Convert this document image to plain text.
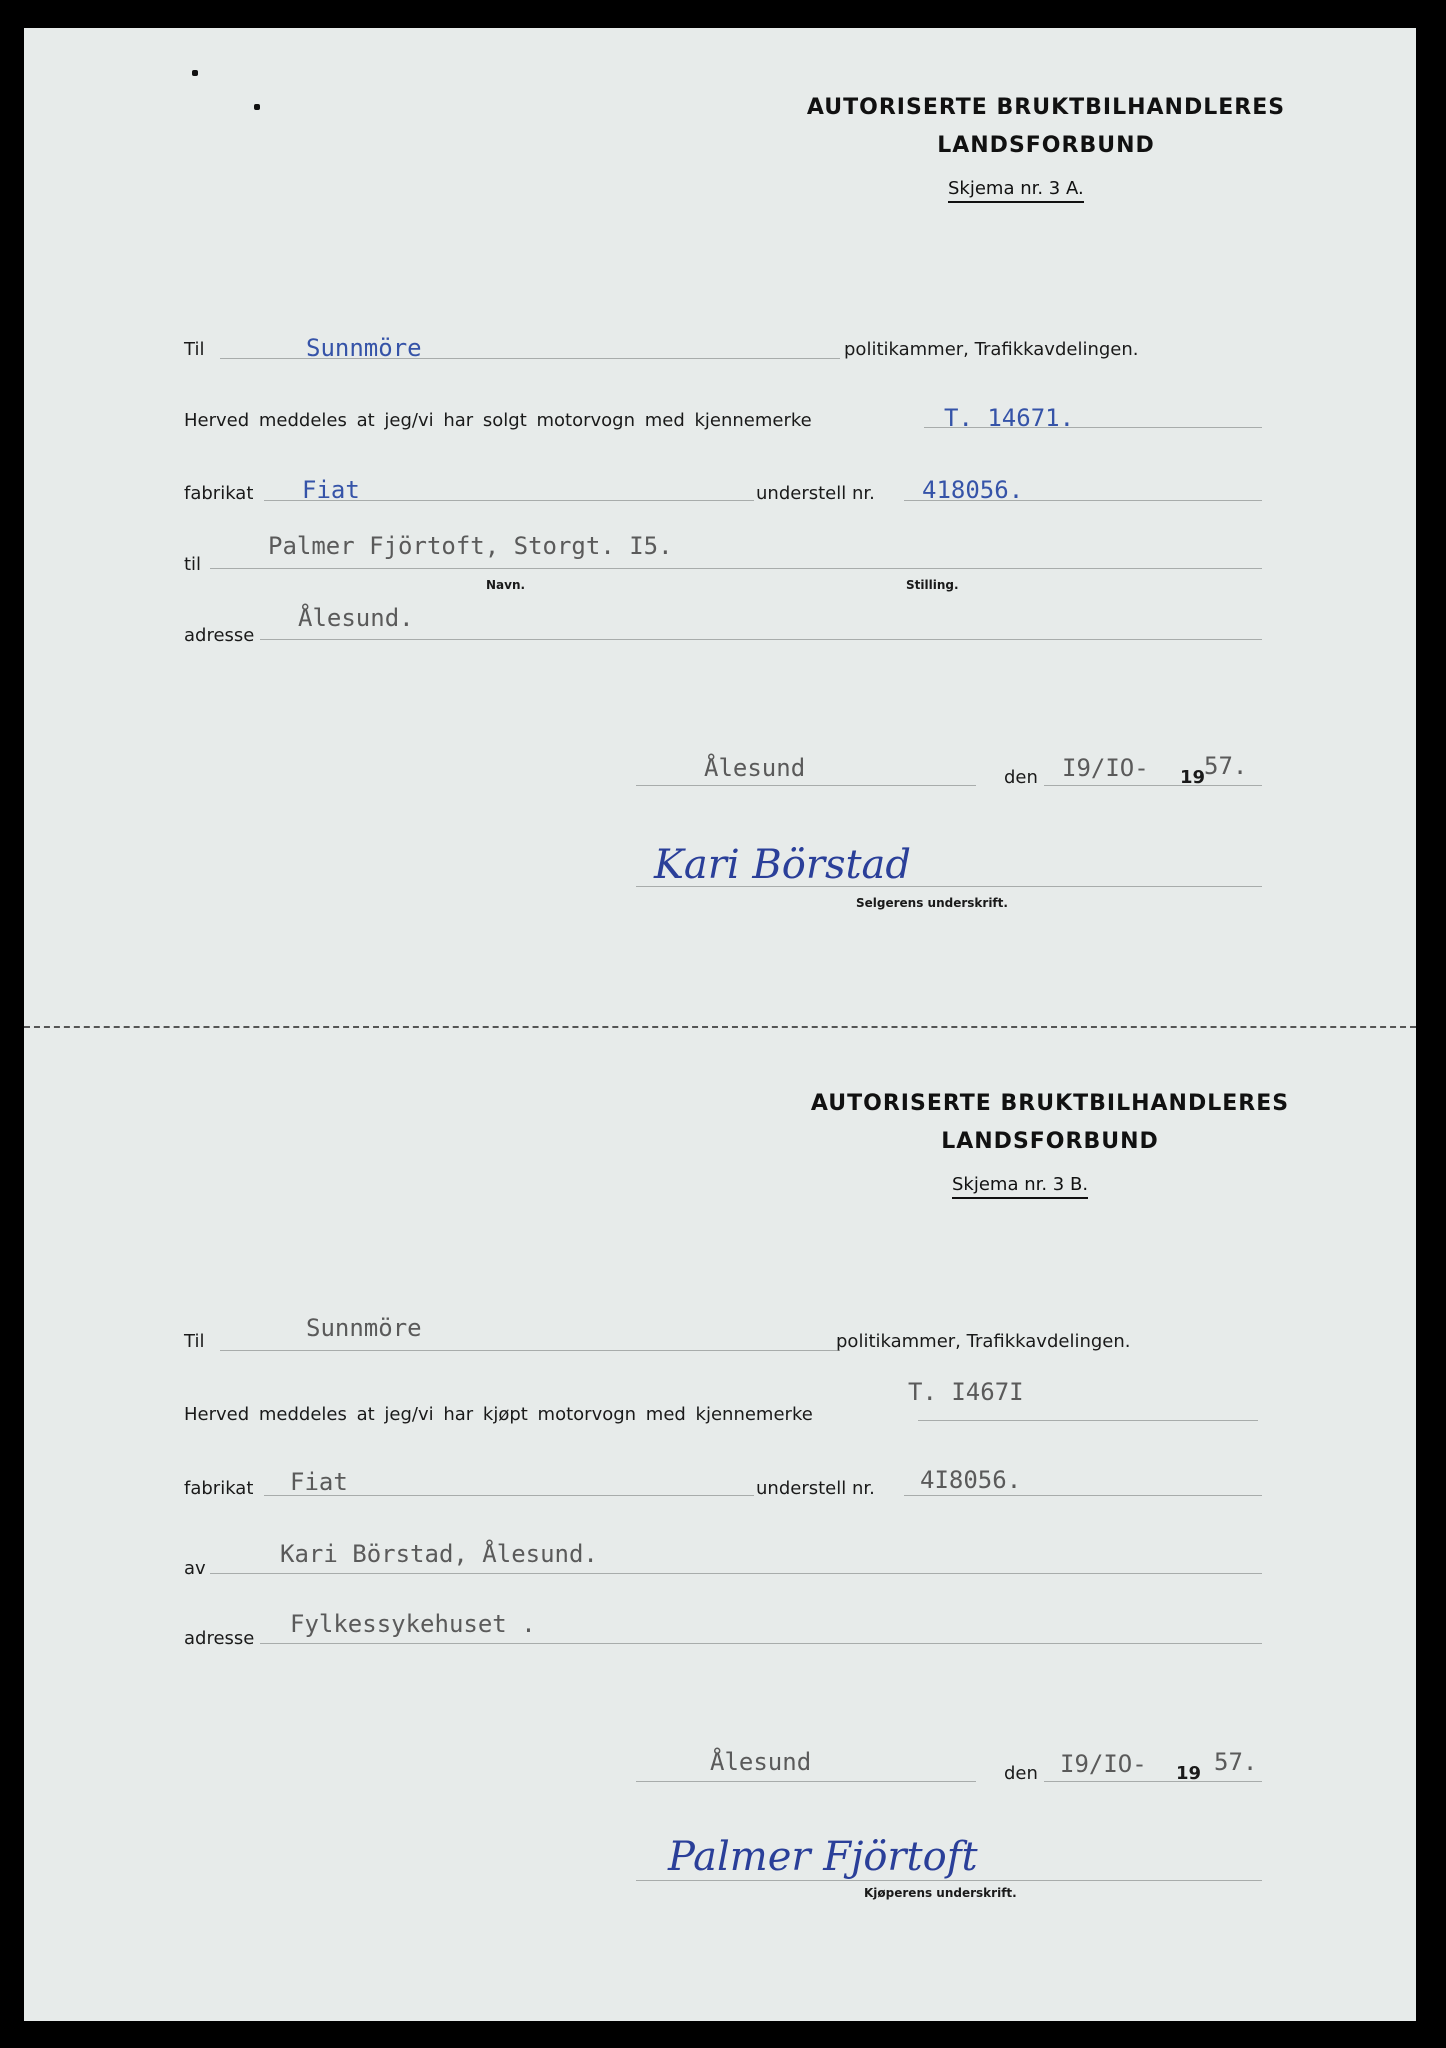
AUTORISERTE BRUKTBILHANDLERES
LANDSFORBUND
Skjema nr. 3 A.
Til	Sunnmöre	politikammer, Trafikkavdelingen.
Herved meddeles at jeg/vi har solgt motorvogn med kjennemerke	T. 14671.
fabrikat Fiat	understell nr. 418056.
til
Palmer Fjörtoft, Storgt. I5.
Navn.	Stilling.
adresse
Ålesund.
Ålesund	den I9/IO- 19
57.
Kari Börstad
Selgerens underskrift.
AUTORISERTE BRUKTBILHANDLERES
LANDSFORBUND
Skjema nr. 3 B.
Til	Sunnmöre	politikammer, Trafikkavdelingen.
Herved meddeles at jeg/vi har kjøpt motorvogn med kjennemerke
T. I467I
fabrikat Fiat	understell nr. 4I8056.
av
Kari Börstad, Ålesund.
adresse
Fylkessykehuset .
Ålesund	den I9/IO- 19 57.
Palmer Fjörtoft
Kjøperens underskrift.
